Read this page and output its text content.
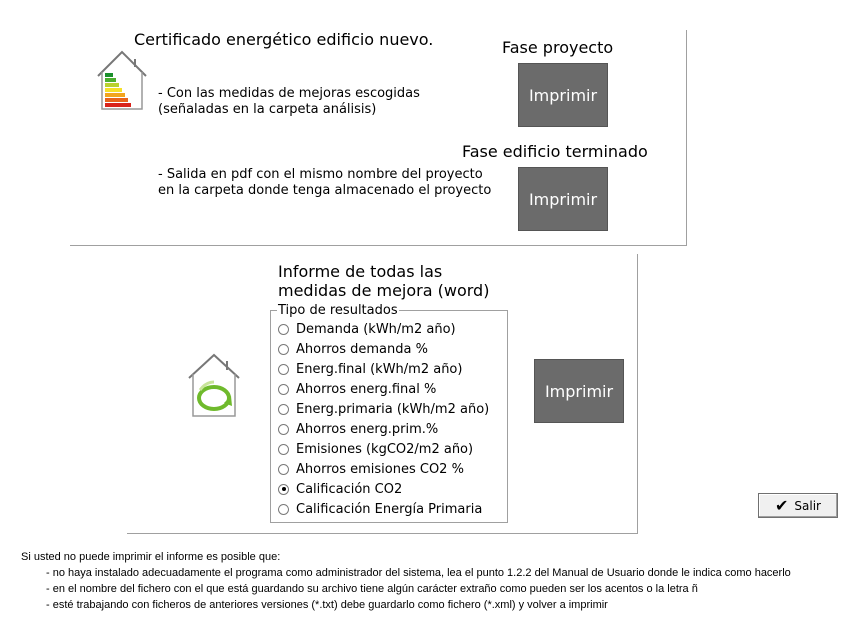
Certificado energético edificio nuevo.
- Con las medidas de mejoras escogidas
(señaladas en la carpeta análisis)
- Salida en pdf con el mismo nombre del proyecto
en la carpeta donde tenga almacenado el proyecto
Fase proyecto
Imprimir
Fase edificio terminado
Imprimir
Informe de todas las
medidas de mejora (word)
Tipo de resultados
Demanda (kWh/m2 año)
Ahorros demanda %
Energ.final (kWh/m2 año)
Ahorros energ.final %
Energ.primaria (kWh/m2 año)
Ahorros energ.prim.%
Emisiones (kgCO2/m2 año)
Ahorros emisiones CO2 %
Calificación CO2
Calificación Energía Primaria
Imprimir
✔ Salir
Si usted no puede imprimir el informe es posible que:
- no haya instalado adecuadamente el programa como administrador del sistema, lea el punto 1.2.2 del Manual de Usuario donde le indica como hacerlo
- en el nombre del fichero con el que está guardando su archivo tiene algún carácter extraño como pueden ser los acentos o la letra ñ
- esté trabajando con ficheros de anteriores versiones (*.txt) debe guardarlo como fichero (*.xml) y volver a imprimir
